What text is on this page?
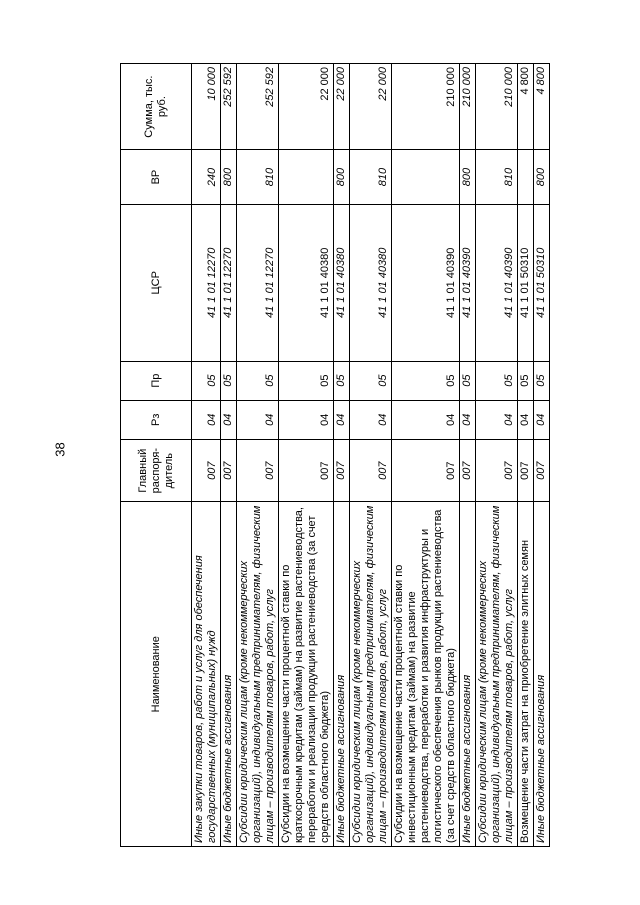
38
Наименование	Главный распоря-дитель	Рз	Пр	ЦСР	ВР	Сумма, тыс. руб.
Иные закупки товаров, работ и услуг для обеспечения государственных (муниципальных) нужд	007	04	05	41 1 01 12270	240	10 000
Иные бюджетные ассигнования	007	04	05	41 1 01 12270	800	252 592
Субсидии юридическим лицам (кроме некоммерческих организаций), индивидуальным предпринимателям, физическим лицам – производителям товаров, работ, услуг	007	04	05	41 1 01 12270	810	252 592
Субсидии на возмещение части процентной ставки по краткосрочным кредитам (займам) на развитие растениеводства, переработки и реализации продукции растениеводства (за счет средств областного бюджета)	007	04	05	41 1 01 40380		22 000
Иные бюджетные ассигнования	007	04	05	41 1 01 40380	800	22 000
Субсидии юридическим лицам (кроме некоммерческих организаций), индивидуальным предпринимателям, физическим лицам – производителям товаров, работ, услуг	007	04	05	41 1 01 40380	810	22 000
Субсидии на возмещение части процентной ставки по инвестиционным кредитам (займам) на развитие растениеводства, переработки и развития инфраструктуры и логистического обеспечения рынков продукции растениеводства (за счет средств областного бюджета)	007	04	05	41 1 01 40390		210 000
Иные бюджетные ассигнования	007	04	05	41 1 01 40390	800	210 000
Субсидии юридическим лицам (кроме некоммерческих организаций), индивидуальным предпринимателям, физическим лицам – производителям товаров, работ, услуг	007	04	05	41 1 01 40390	810	210 000
Возмещение части затрат на приобретение элитных семян	007	04	05	41 1 01 50310		4 800
Иные бюджетные ассигнования	007	04	05	41 1 01 50310	800	4 800
